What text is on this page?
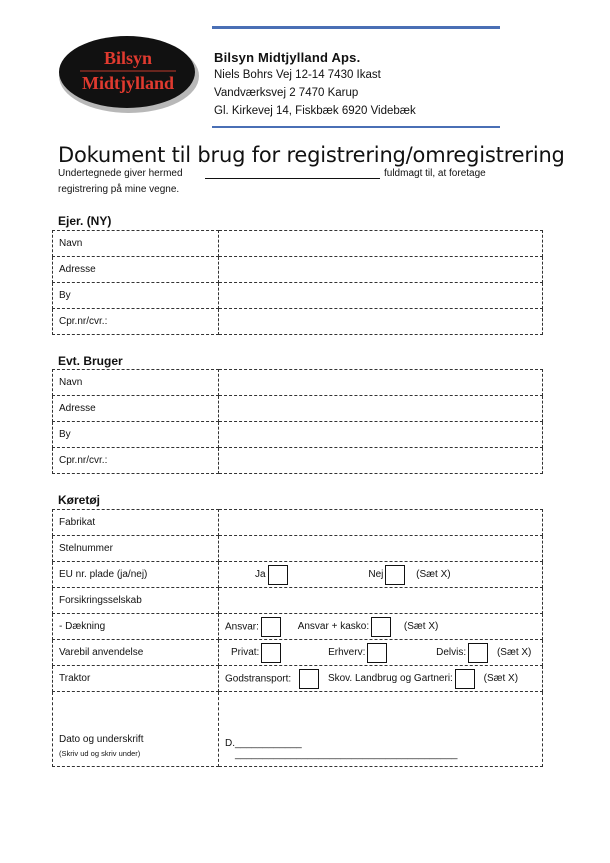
Bilsyn
Midtjylland
Bilsyn Midtjylland Aps.
Niels Bohrs Vej 12-14 7430 Ikast
Vandværksvej 2 7470 Karup
Gl. Kirkevej 14, Fiskbæk 6920 Videbæk
Dokument til brug for registrering/omregistrering
Undertegnede giver hermed	fuldmagt til, at foretage
registrering på mine vegne.
Ejer. (NY)
Navn	
Adresse	
By	
Cpr.nr/cvr.:	
Evt. Bruger
Navn	
Adresse	
By	
Cpr.nr/cvr.:	
Køretøj
Fabrikat	
Stelnummer	
EU nr. plade (ja/nej)	Ja Nej (Sæt X)
Forsikringsselskab	
- Dækning	Ansvar: Ansvar + kasko: (Sæt X)
Varebil anvendelse	Privat: Erhverv: Delvis: (Sæt X)
Traktor	Godstransport: Skov. Landbrug og Gartneri: (Sæt X)

Dato og underskrift
(Skriv ud og skriv under)	D.____________ ________________________________________
